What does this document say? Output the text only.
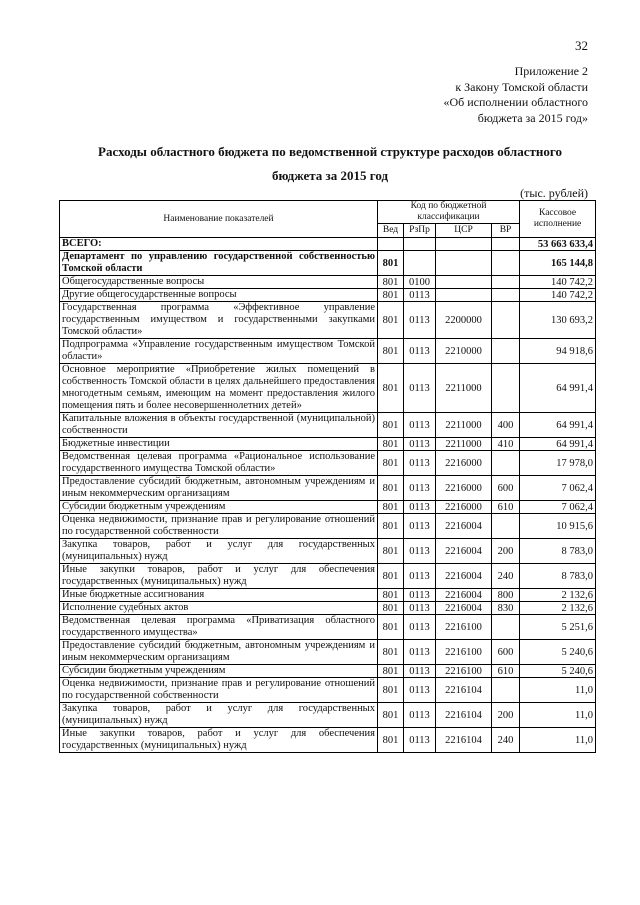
32
Приложение 2
к Закону Томской области
«Об исполнении областного
бюджета за 2015 год»
Расходы областного бюджета по ведомственной структуре расходов областного
бюджета за 2015 год
(тыс. рублей)
Наименование показателей	Код по бюджетной классификации				Кассовое исполнение
	Вед	РзПр	ЦСР	ВР	
ВСЕГО:					53 663 633,4
Департамент по управлению государственной собственностью Томской области	801				165 144,8
Общегосударственные вопросы	801	0100			140 742,2
Другие общегосударственные вопросы	801	0113			140 742,2
Государственная программа «Эффективное управление государственным имуществом и государственными закупками Томской области»	801	0113	2200000		130 693,2
Подпрограмма «Управление государственным имуществом Томской области»	801	0113	2210000		94 918,6
Основное мероприятие «Приобретение жилых помещений в собственность Томской области в целях дальнейшего предоставления многодетным семьям, имеющим на момент предоставления жилого помещения пять и более несовершеннолетних детей»	801	0113	2211000		64 991,4
Капитальные вложения в объекты государственной (муниципальной) собственности	801	0113	2211000	400	64 991,4
Бюджетные инвестиции	801	0113	2211000	410	64 991,4
Ведомственная целевая программа «Рациональное использование государственного имущества Томской области»	801	0113	2216000		17 978,0
Предоставление субсидий бюджетным, автономным учреждениям и иным некоммерческим организациям	801	0113	2216000	600	7 062,4
Субсидии бюджетным учреждениям	801	0113	2216000	610	7 062,4
Оценка недвижимости, признание прав и регулирование отношений по государственной собственности	801	0113	2216004		10 915,6
Закупка товаров, работ и услуг для государственных (муниципальных) нужд	801	0113	2216004	200	8 783,0
Иные закупки товаров, работ и услуг для обеспечения государственных (муниципальных) нужд	801	0113	2216004	240	8 783,0
Иные бюджетные ассигнования	801	0113	2216004	800	2 132,6
Исполнение судебных актов	801	0113	2216004	830	2 132,6
Ведомственная целевая программа «Приватизация областного государственного имущества»	801	0113	2216100		5 251,6
Предоставление субсидий бюджетным, автономным учреждениям и иным некоммерческим организациям	801	0113	2216100	600	5 240,6
Субсидии бюджетным учреждениям	801	0113	2216100	610	5 240,6
Оценка недвижимости, признание прав и регулирование отношений по государственной собственности	801	0113	2216104		11,0
Закупка товаров, работ и услуг для государственных (муниципальных) нужд	801	0113	2216104	200	11,0
Иные закупки товаров, работ и услуг для обеспечения государственных (муниципальных) нужд	801	0113	2216104	240	11,0
